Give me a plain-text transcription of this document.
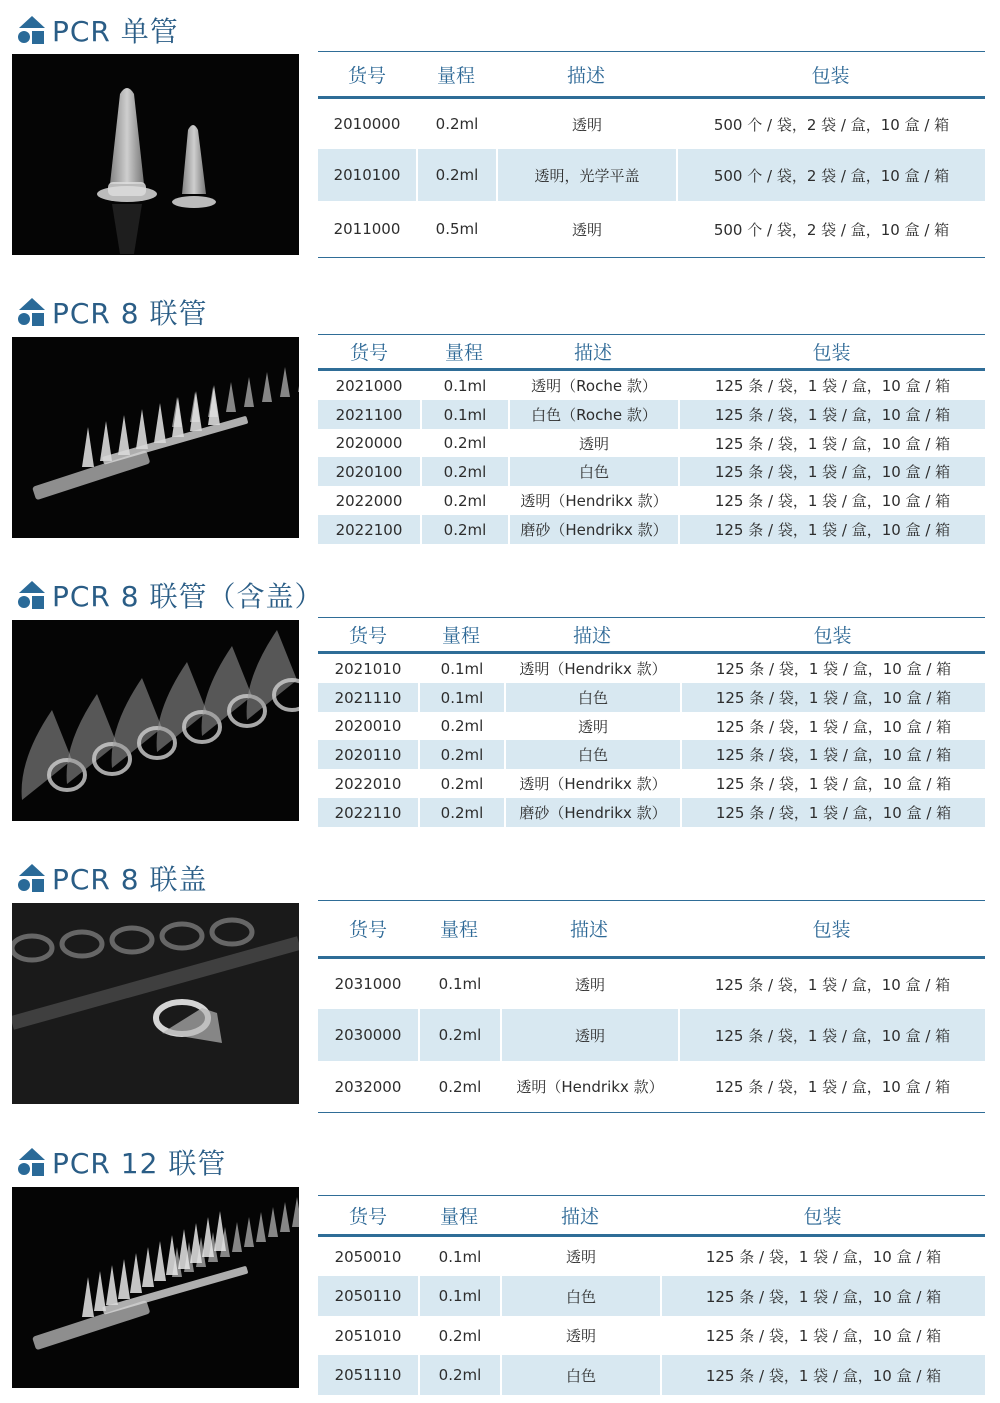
PCR 单管
货号	量程	描述	包装
2010000	0.2ml	透明	500 个 / 袋，2 袋 / 盒，10 盒 / 箱
2010100	0.2ml	透明，光学平盖	500 个 / 袋，2 袋 / 盒，10 盒 / 箱
2011000	0.5ml	透明	500 个 / 袋，2 袋 / 盒，10 盒 / 箱
PCR 8 联管
货号	量程	描述	包装
2021000	0.1ml	透明（Roche 款）	125 条 / 袋，1 袋 / 盒，10 盒 / 箱
2021100	0.1ml	白色（Roche 款）	125 条 / 袋，1 袋 / 盒，10 盒 / 箱
2020000	0.2ml	透明	125 条 / 袋，1 袋 / 盒，10 盒 / 箱
2020100	0.2ml	白色	125 条 / 袋，1 袋 / 盒，10 盒 / 箱
2022000	0.2ml	透明（Hendrikx 款）	125 条 / 袋，1 袋 / 盒，10 盒 / 箱
2022100	0.2ml	磨砂（Hendrikx 款）	125 条 / 袋，1 袋 / 盒，10 盒 / 箱
PCR 8 联管（含盖）
货号	量程	描述	包装
2021010	0.1ml	透明（Hendrikx 款）	125 条 / 袋，1 袋 / 盒，10 盒 / 箱
2021110	0.1ml	白色	125 条 / 袋，1 袋 / 盒，10 盒 / 箱
2020010	0.2ml	透明	125 条 / 袋，1 袋 / 盒，10 盒 / 箱
2020110	0.2ml	白色	125 条 / 袋，1 袋 / 盒，10 盒 / 箱
2022010	0.2ml	透明（Hendrikx 款）	125 条 / 袋，1 袋 / 盒，10 盒 / 箱
2022110	0.2ml	磨砂（Hendrikx 款）	125 条 / 袋，1 袋 / 盒，10 盒 / 箱
PCR 8 联盖
货号	量程	描述	包装
2031000	0.1ml	透明	125 条 / 袋，1 袋 / 盒，10 盒 / 箱
2030000	0.2ml	透明	125 条 / 袋，1 袋 / 盒，10 盒 / 箱
2032000	0.2ml	透明（Hendrikx 款）	125 条 / 袋，1 袋 / 盒，10 盒 / 箱
PCR 12 联管
货号	量程	描述	包装
2050010	0.1ml	透明	125 条 / 袋，1 袋 / 盒，10 盒 / 箱
2050110	0.1ml	白色	125 条 / 袋，1 袋 / 盒，10 盒 / 箱
2051010	0.2ml	透明	125 条 / 袋，1 袋 / 盒，10 盒 / 箱
2051110	0.2ml	白色	125 条 / 袋，1 袋 / 盒，10 盒 / 箱
